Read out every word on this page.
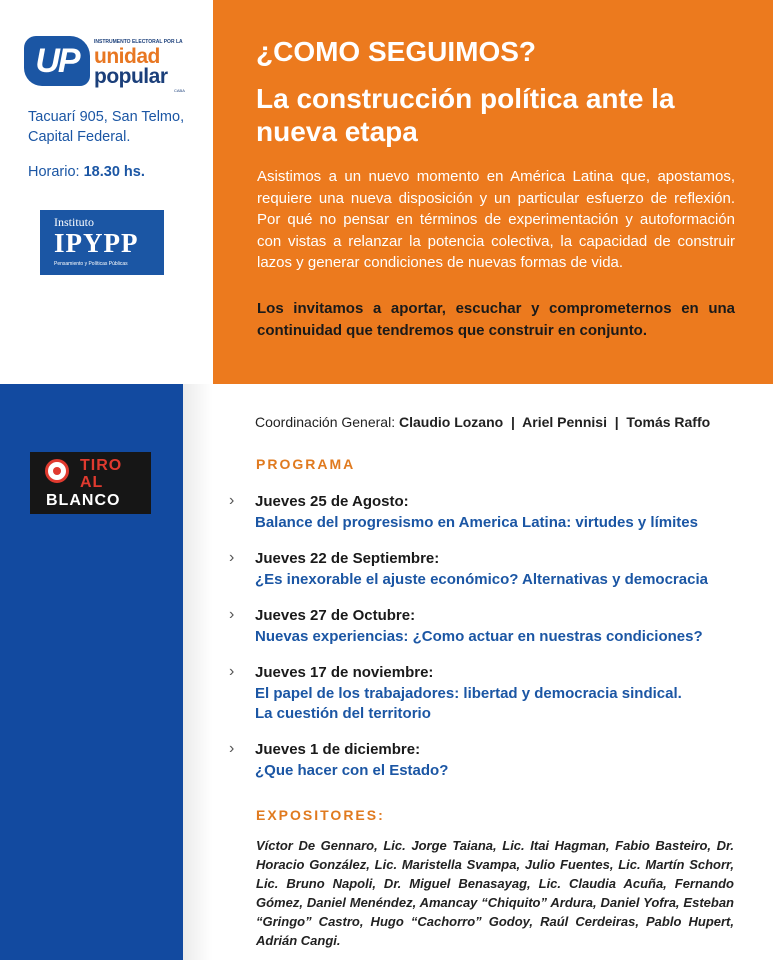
UP	INSTRUMENTO ELECTORAL POR LA
unidad
popular
CABA
Tacuarí 905, San Telmo,
Capital Federal.
Horario: 18.30 hs.
Instituto
IPYPP
Pensamiento y Políticas Públicas
TIRO
AL
BLANCO
¿COMO SEGUIMOS?
La construcción política ante la nueva etapa
Asistimos a un nuevo momento en América Latina que, apostamos, requiere una nueva disposición y un particular esfuerzo de reflexión. Por qué no pensar en términos de experimentación y autoformación con vistas a relanzar la potencia colectiva, la capacidad de construir lazos y generar condiciones de nuevas formas de vida.
Los invitamos a aportar, escuchar y comprometernos en una continuidad que tendremos que construir en conjunto.
Coordinación General: Claudio Lozano  |  Ariel Pennisi  |  Tomás Raffo
PROGRAMA
› Jueves 25 de Agosto:
Balance del progresismo en America Latina: virtudes y límites
› Jueves 22 de Septiembre:
¿Es inexorable el ajuste económico? Alternativas y democracia
› Jueves 27 de Octubre:
Nuevas experiencias: ¿Como actuar en nuestras condiciones?
› Jueves 17 de noviembre:
El papel de los trabajadores: libertad y democracia sindical.
La cuestión del territorio
› Jueves 1 de diciembre:
¿Que hacer con el Estado?
EXPOSITORES:
Víctor De Gennaro, Lic. Jorge Taiana, Lic. Itai Hagman, Fabio Basteiro, Dr. Horacio González, Lic. Maristella Svampa, Julio Fuentes, Lic. Martín Schorr, Lic. Bruno Napoli, Dr. Miguel Benasayag, Lic. Claudia Acuña, Fernando Gómez, Daniel Menéndez, Amancay “Chiquito” Ardura, Daniel Yofra, Esteban “Gringo” Castro, Hugo “Cachorro” Godoy, Raúl Cerdeiras, Pablo Hupert, Adrián Cangi.
